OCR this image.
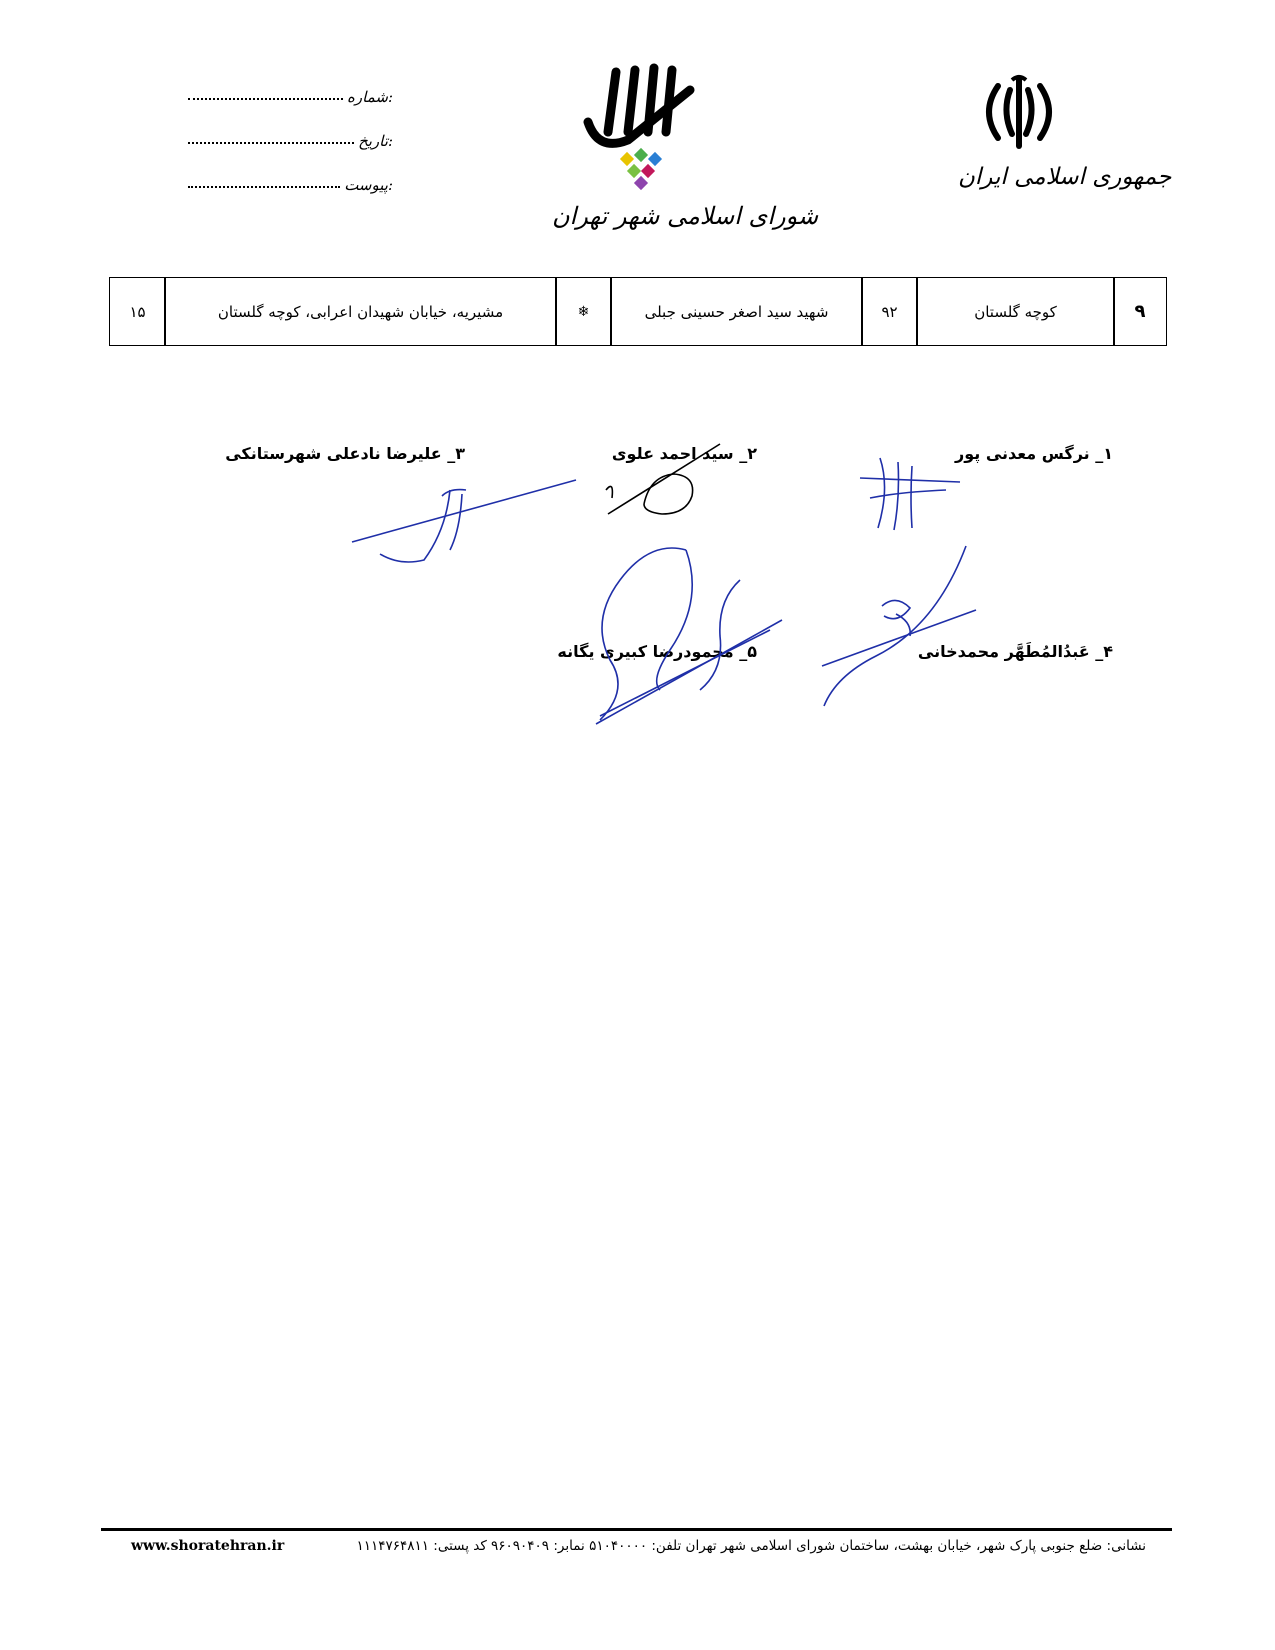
شماره:
تاریخ:
پیوست:
شورای اسلامی شهر تهران
جمهوری اسلامی ایران
۹
کوچه گلستان
۹۲
شهید سید اصغر حسینی جبلی
❄
مشیریه، خیابان شهیدان اعرابی، کوچه گلستان
۱۵
۱_ نرگس معدنی پور
۲_ سید احمد علوی
۳_ علیرضا نادعلی شهرستانکی
۴_ عَبدُالمُطَهَّر محمدخانی
۵_ محمودرضا کبیری یگانه
www.shoratehran.ir	نشانی: ضلع جنوبی پارک شهر، خیابان بهشت، ساختمان شورای اسلامی شهر تهران تلفن: ۵۱۰۴۰۰۰۰ نمابر: ۹۶۰۹۰۴۰۹ کد پستی: ۱۱۱۴۷۶۴۸۱۱
